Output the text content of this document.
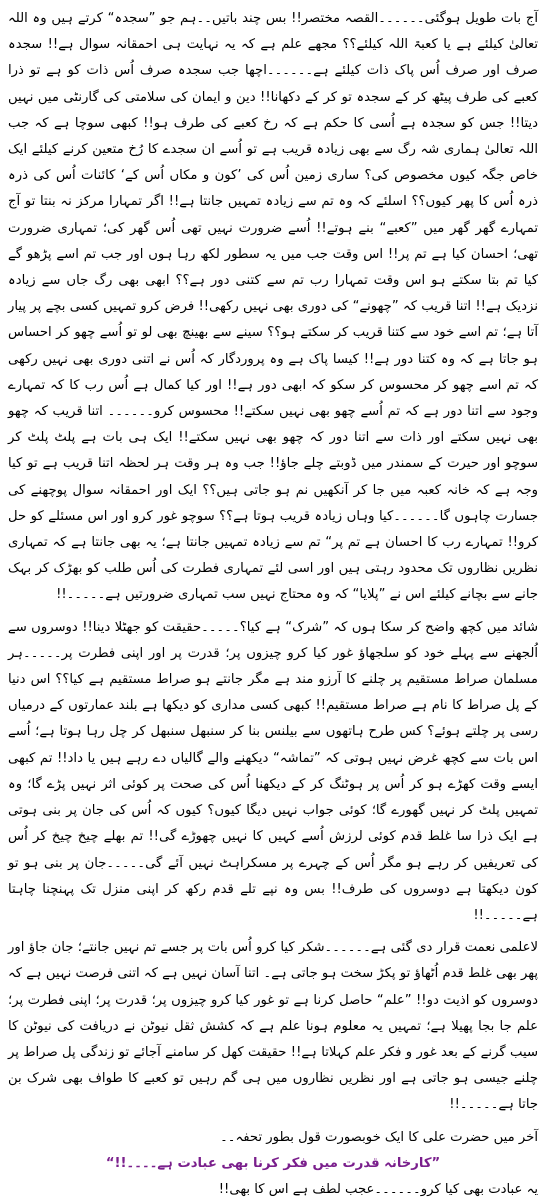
آج بات طویل ہوگئی۔۔۔۔۔۔القصہ مختصر!! بس چند باتیں۔۔ہم جو ”سجدہ“ کرتے ہیں وہ اللہ تعالیٰ کیلئے ہے یا کعبۃ اللہ کیلئے؟؟ مجھے علم ہے کہ یہ نہایت ہی احمقانہ سوال ہے!! سجدہ صرف اور صرف اُس پاک ذات کیلئے ہے۔۔۔۔۔۔اچھا جب سجدہ صرف اُس ذات کو ہے تو ذرا کعبے کی طرف پیٹھ کر کے سجدہ تو کر کے دکھانا!! دین و ایمان کی سلامتی کی گارنٹی میں نہیں دیتا!! جس کو سجدہ ہے اُسی کا حکم ہے کہ رخ کعبے کی طرف ہو!! کبھی سوچا ہے کہ جب اللہ تعالیٰ ہماری شہ رگ سے بھی زیادہ قریب ہے تو اُسے ان سجدے کا رُخ متعین کرنے کیلئے ایک خاص جگہ کیوں مخصوص کی؟ ساری زمین اُس کی ’کون و مکاں اُس کے‘ کائنات اُس کی ذرہ ذرہ اُس کا پھر کیوں؟؟ اسلئے کہ وہ تم سے زیادہ تمہیں جانتا ہے!! اگر تمہارا مرکز نہ بنتا تو آج تمہارے گھر گھر میں ”کعبے“ بنے ہوتے!! اُسے ضرورت نہیں تھی اُس گھر کی؛ تمہاری ضرورت تھی؛ احسان کیا ہے تم پر!! اس وقت جب میں یہ سطور لکھ رہا ہوں اور جب تم اسے پڑھو گے کیا تم بتا سکتے ہو اس وقت تمہارا رب تم سے کتنی دور ہے؟؟ ابھی بھی رگ جاں سے زیادہ نزدیک ہے!! اتنا قریب کہ ”چھونے“ کی دوری بھی نہیں رکھی!! فرض کرو تمہیں کسی بچے پر پیار آتا ہے؛ تم اسے خود سے کتنا قریب کر سکتے ہو؟؟ سینے سے بھینچ بھی لو تو اُسے چھو کر احساس ہو جاتا ہے کہ وہ کتنا دور ہے!! کیسا پاک ہے وہ پروردگار کہ اُس نے اتنی دوری بھی نہیں رکھی کہ تم اسے چھو کر محسوس کر سکو کہ ابھی دور ہے!! اور کیا کمال ہے اُس رب کا کہ تمہارے وجود سے اتنا دور ہے کہ تم اُسے چھو بھی نہیں سکتے!! محسوس کرو۔۔۔۔۔۔ اتنا قریب کہ چھو بھی نہیں سکتے اور ذات سے اتنا دور کہ چھو بھی نہیں سکتے!! ایک ہی بات ہے پلٹ پلٹ کر سوچو اور حیرت کے سمندر میں ڈوبتے چلے جاؤ!! جب وہ ہر وقت ہر لحظہ اتنا قریب ہے تو کیا وجہ ہے کہ خانہ کعبہ میں جا کر آنکھیں نم ہو جاتی ہیں؟؟ ایک اور احمقانہ سوال پوچھنے کی جسارت چاہوں گا۔۔۔۔۔۔کیا وہاں زیادہ قریب ہوتا ہے؟؟ سوچو غور کرو اور اس مسئلے کو حل کرو!! تمہارے رب کا احسان ہے تم پر“ تم سے زیادہ تمہیں جانتا ہے؛ یہ بھی جانتا ہے کہ تمہاری نظریں نظاروں تک محدود رہتی ہیں اور اسی لئے تمہاری فطرت کی اُس طلب کو بھڑک کر بہک جانے سے بچانے کیلئے اس نے ”پلایا“ کہ وہ محتاج نہیں سب تمہاری ضرورتیں ہے۔۔۔۔۔!!

شائد میں کچھ واضح کر سکا ہوں کہ ”شرک“ ہے کیا؟۔۔۔۔۔حقیقت کو جھٹلا دینا!! دوسروں سے اُلجھنے سے پہلے خود کو سلجھاؤ غور کیا کرو چیزوں پر؛ قدرت پر اور اپنی فطرت پر۔۔۔۔۔ہر مسلمان صراط مستقیم پر چلنے کا آرزو مند ہے مگر جانتے ہو صراط مستقیم ہے کیا؟؟ اس دنیا کے پل صراط کا نام ہے صراط مستقیم!! کبھی کسی مداری کو دیکھا ہے بلند عمارتوں کے درمیاں رسی پر چلتے ہوئے؟ کس طرح ہاتھوں سے بیلنس بنا کر سنبھل سنبھل کر چل رہا ہوتا ہے؛ اُسے اس بات سے کچھ غرض نہیں ہوتی کہ ”تماشہ“ دیکھنے والے گالیاں دے رہے ہیں یا داد!! تم کبھی ایسے وقت کھڑے ہو کر اُس پر ہوٹنگ کر کے دیکھنا اُس کی صحت پر کوئی اثر نہیں پڑے گا؛ وہ تمہیں پلٹ کر نہیں گھورے گا؛ کوئی جواب نہیں دیگا کیوں؟ کیوں کہ اُس کی جان پر بنی ہوتی ہے ایک ذرا سا غلط قدم کوئی لرزش اُسے کہیں کا نہیں چھوڑے گی!! تم بھلے چیخ چیخ کر اُس کی تعریفیں کر رہے ہو مگر اُس کے چہرے پر مسکراہٹ نہیں آئے گی۔۔۔۔۔جان پر بنی ہو تو کون دیکھتا ہے دوسروں کی طرف!! بس وہ نپے تلے قدم رکھ کر اپنی منزل تک پہنچنا چاہتا ہے۔۔۔۔۔!!

لاعلمی نعمت قرار دی گئی ہے۔۔۔۔۔۔شکر کیا کرو اُس بات پر جسے تم نہیں جانتے؛ جان جاؤ اور پھر بھی غلط قدم اُٹھاؤ تو پکڑ سخت ہو جاتی ہے۔ اتنا آسان نہیں ہے کہ اتنی فرصت نہیں ہے کہ دوسروں کو اذیت دو!! ”علم“ حاصل کرنا ہے تو غور کیا کرو چیزوں پر؛ قدرت پر؛ اپنی فطرت پر؛ علم جا بجا پھیلا ہے؛ تمہیں یہ معلوم ہونا علم ہے کہ کشش ثقل نیوٹن نے دریافت کی نیوٹن کا سیب گرنے کے بعد غور و فکر علم کہلاتا ہے!! حقیقت کھل کر سامنے آجائے تو زندگی پل صراط پر چلنے جیسی ہو جاتی ہے اور نظریں نظاروں میں ہی گم رہیں تو کعبے کا طواف بھی شرک بن جاتا ہے۔۔۔۔۔!!

آخر میں حضرت علی کا ایک خوبصورت قول بطور تحفہ۔۔

”کارخانہ قدرت میں فکر کرنا بھی عبادت ہے۔۔۔۔!!“

یہ عبادت بھی کیا کرو۔۔۔۔۔۔عجب لطف ہے اس کا بھی!!
